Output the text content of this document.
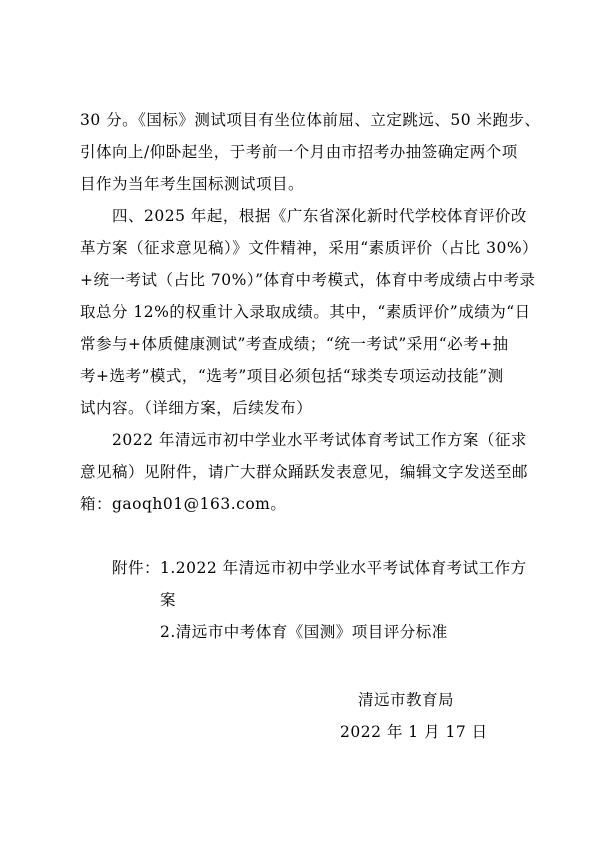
30 分。《国标》测试项目有坐位体前屈、立定跳远、50 米跑步、
引体向上/仰卧起坐，于考前一个月由市招考办抽签确定两个项
目作为当年考生国标测试项目。
四、2025 年起，根据《广东省深化新时代学校体育评价改
革方案（征求意见稿）》文件精神，采用“素质评价（占比 30%）
+统一考试（占比 70%）”体育中考模式，体育中考成绩占中考录
取总分 12%的权重计入录取成绩。其中，“素质评价”成绩为“日
常参与+体质健康测试”考查成绩；“统一考试”采用“必考+抽
考+选考”模式，“选考”项目必须包括“球类专项运动技能”测
试内容。（详细方案，后续发布）
2022 年清远市初中学业水平考试体育考试工作方案（征求
意见稿）见附件，请广大群众踊跃发表意见，编辑文字发送至邮
箱：gaoqh01@163.com。
附件：1.2022 年清远市初中学业水平考试体育考试工作方
案
2.清远市中考体育《国测》项目评分标准
清远市教育局
2022 年 1 月 17 日
